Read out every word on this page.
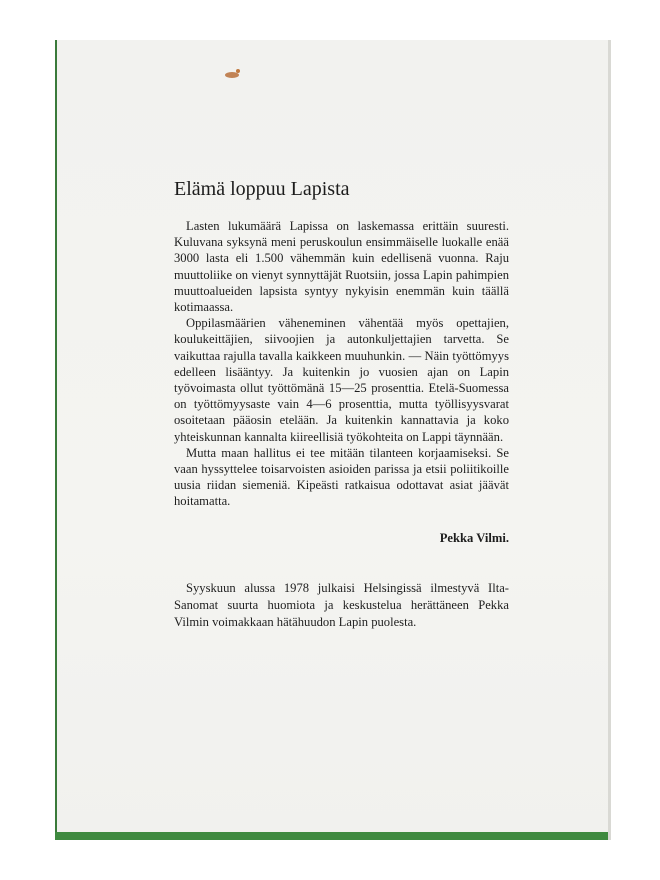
Elämä loppuu Lapista

Lasten lukumäärä Lapissa on laskemassa erittäin suuresti. Kuluvana syksynä meni peruskoulun ensimmäiselle luokalle enää 3000 lasta eli 1.500 vähemmän kuin edellisenä vuonna. Raju muuttoliike on vienyt synnyttäjät Ruotsiin, jossa Lapin pahimpien muuttoalueiden lapsista syntyy nykyisin enemmän kuin täällä kotimaassa.

Oppilasmäärien väheneminen vähentää myös opettajien, koulukeittäjien, siivoojien ja autonkuljettajien tarvetta. Se vaikuttaa rajulla tavalla kaikkeen muuhunkin. — Näin työttömyys edelleen lisääntyy. Ja kuitenkin jo vuosien ajan on Lapin työvoimasta ollut työttömänä 15—25 prosenttia. Etelä-Suomessa on työttömyysaste vain 4—6 prosenttia, mutta työllisyysvarat osoitetaan pääosin etelään. Ja kuitenkin kannattavia ja koko yhteiskunnan kannalta kiireellisiä työkohteita on Lappi täynnään.

Mutta maan hallitus ei tee mitään tilanteen korjaamiseksi. Se vaan hyssyttelee toisarvoisten asioiden parissa ja etsii poliitikoille uusia riidan siemeniä. Kipeästi ratkaisua odottavat asiat jäävät hoitamatta.

Pekka Vilmi.

Syyskuun alussa 1978 julkaisi Helsingissä ilmestyvä Ilta-Sanomat suurta huomiota ja keskustelua herättäneen Pekka Vilmin voimakkaan hätähuudon Lapin puolesta.
